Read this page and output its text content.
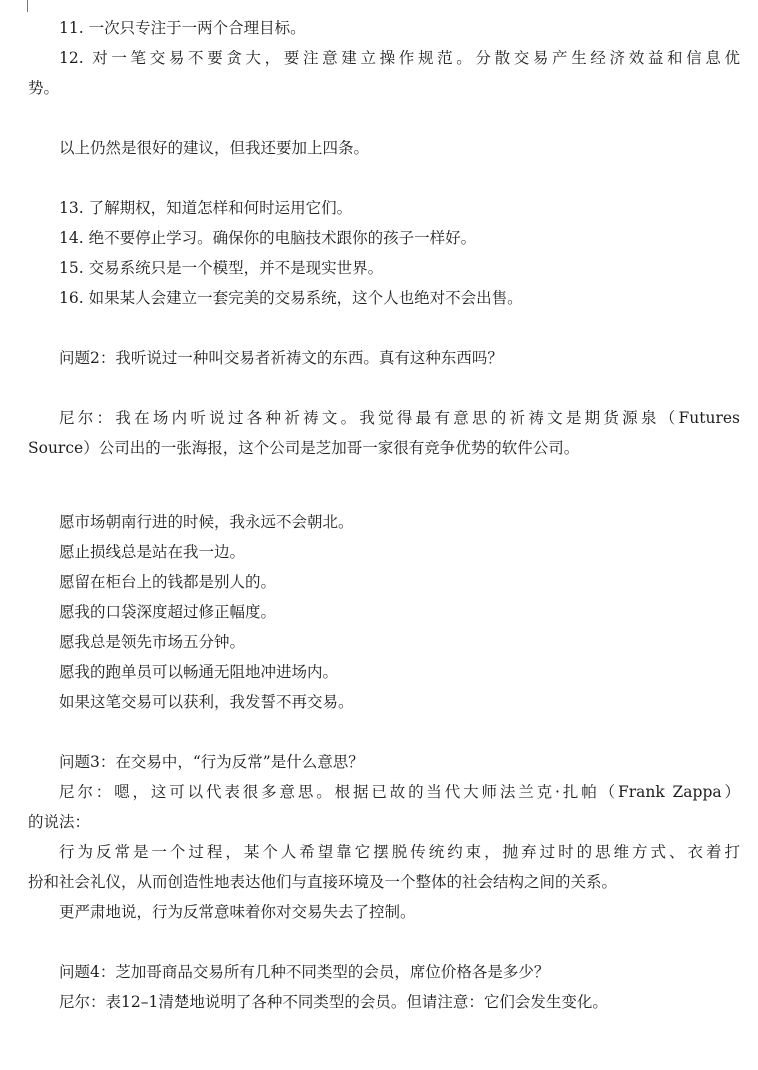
11. 一次只专注于一两个合理目标。

12. 对一笔交易不要贪大，要注意建立操作规范。分散交易产生经济效益和信息优

势。

以上仍然是很好的建议，但我还要加上四条。

13. 了解期权，知道怎样和何时运用它们。

14. 绝不要停止学习。确保你的电脑技术跟你的孩子一样好。

15. 交易系统只是一个模型，并不是现实世界。

16. 如果某人会建立一套完美的交易系统，这个人也绝对不会出售。

问题2：我听说过一种叫交易者祈祷文的东西。真有这种东西吗？

尼尔：我在场内听说过各种祈祷文。我觉得最有意思的祈祷文是期货源泉（Futures

Source）公司出的一张海报，这个公司是芝加哥一家很有竞争优势的软件公司。

愿市场朝南行进的时候，我永远不会朝北。

愿止损线总是站在我一边。

愿留在柜台上的钱都是别人的。

愿我的口袋深度超过修正幅度。

愿我总是领先市场五分钟。

愿我的跑单员可以畅通无阻地冲进场内。

如果这笔交易可以获利，我发誓不再交易。

问题3：在交易中，“行为反常”是什么意思？

尼尔：嗯，这可以代表很多意思。根据已故的当代大师法兰克·扎帕（Frank Zappa）

的说法：

行为反常是一个过程，某个人希望靠它摆脱传统约束，抛弃过时的思维方式、衣着打

扮和社会礼仪，从而创造性地表达他们与直接环境及一个整体的社会结构之间的关系。

更严肃地说，行为反常意味着你对交易失去了控制。

问题4：芝加哥商品交易所有几种不同类型的会员，席位价格各是多少？

尼尔：表12–1清楚地说明了各种不同类型的会员。但请注意：它们会发生变化。
